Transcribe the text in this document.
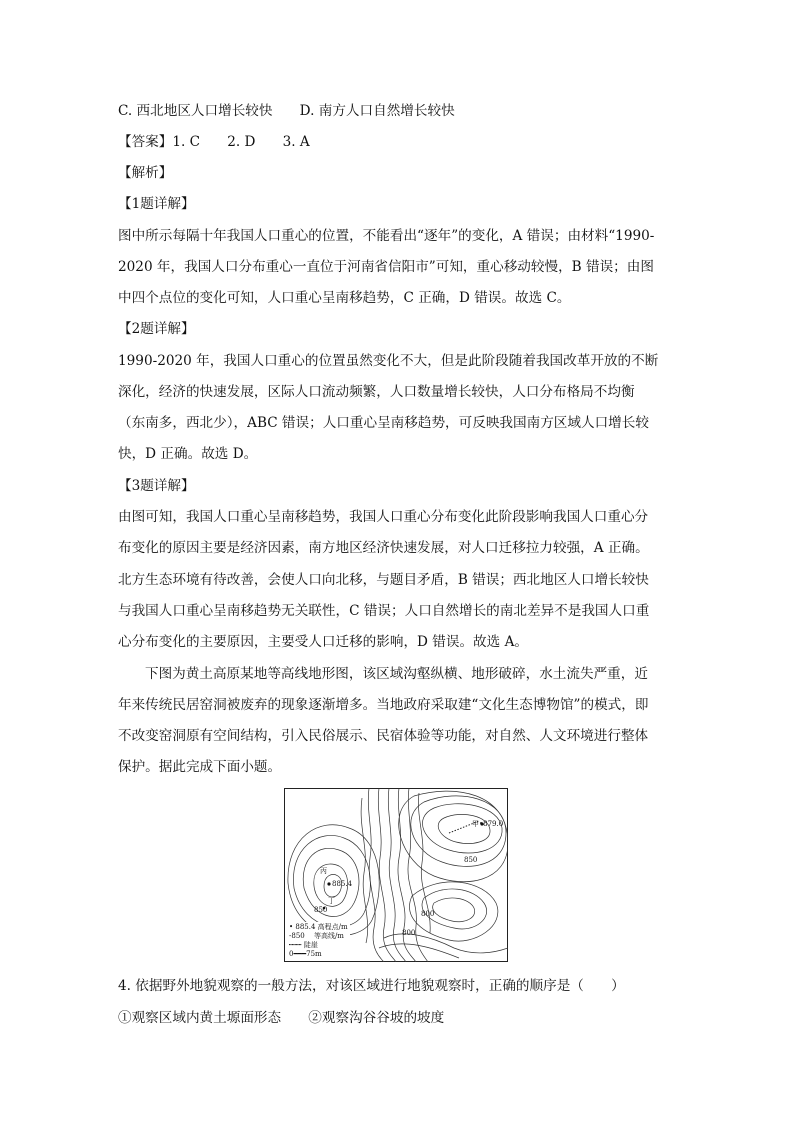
C. 西北地区人口增长较快　　D. 南方人口自然增长较快
【答案】1. C　　2. D　　3. A
【解析】
【1题详解】
图中所示每隔十年我国人口重心的位置，不能看出“逐年”的变化，A 错误；由材料“1990-
2020 年，我国人口分布重心一直位于河南省信阳市”可知，重心移动较慢，B 错误；由图
中四个点位的变化可知，人口重心呈南移趋势，C 正确，D 错误。故选 C。
【2题详解】
1990-2020 年，我国人口重心的位置虽然变化不大，但是此阶段随着我国改革开放的不断
深化，经济的快速发展，区际人口流动频繁，人口数量增长较快，人口分布格局不均衡
（东南多，西北少），ABC 错误；人口重心呈南移趋势，可反映我国南方区域人口增长较
快，D 正确。故选 D。
【3题详解】
由图可知，我国人口重心呈南移趋势，我国人口重心分布变化此阶段影响我国人口重心分
布变化的原因主要是经济因素，南方地区经济快速发展，对人口迁移拉力较强，A 正确。
北方生态环境有待改善，会使人口向北移，与题目矛盾，B 错误；西北地区人口增长较快
与我国人口重心呈南移趋势无关联性，C 错误；人口自然增长的南北差异不是我国人口重
心分布变化的主要原因，主要受人口迁移的影响，D 错误。故选 A。
下图为黄土高原某地等高线地形图，该区域沟壑纵横、地形破碎，水土流失严重，近
年来传统民居窑洞被废弃的现象逐渐增多。当地政府采取建“文化生态博物馆”的模式，即
不改变窑洞原有空间结构，引入民俗展示、民宿体验等功能，对自然、人文环境进行整体
保护。据此完成下面小题。
甲•879.0
丙
885.4
丁
850
850	800
800
• 885.4 高程点/m
-850 　等高线/m
┅┅┅ 陡崖
0━━━75m
4. 依据野外地貌观察的一般方法，对该区域进行地貌观察时，正确的顺序是（　　）
①观察区域内黄土塬面形态　　②观察沟谷谷坡的坡度
